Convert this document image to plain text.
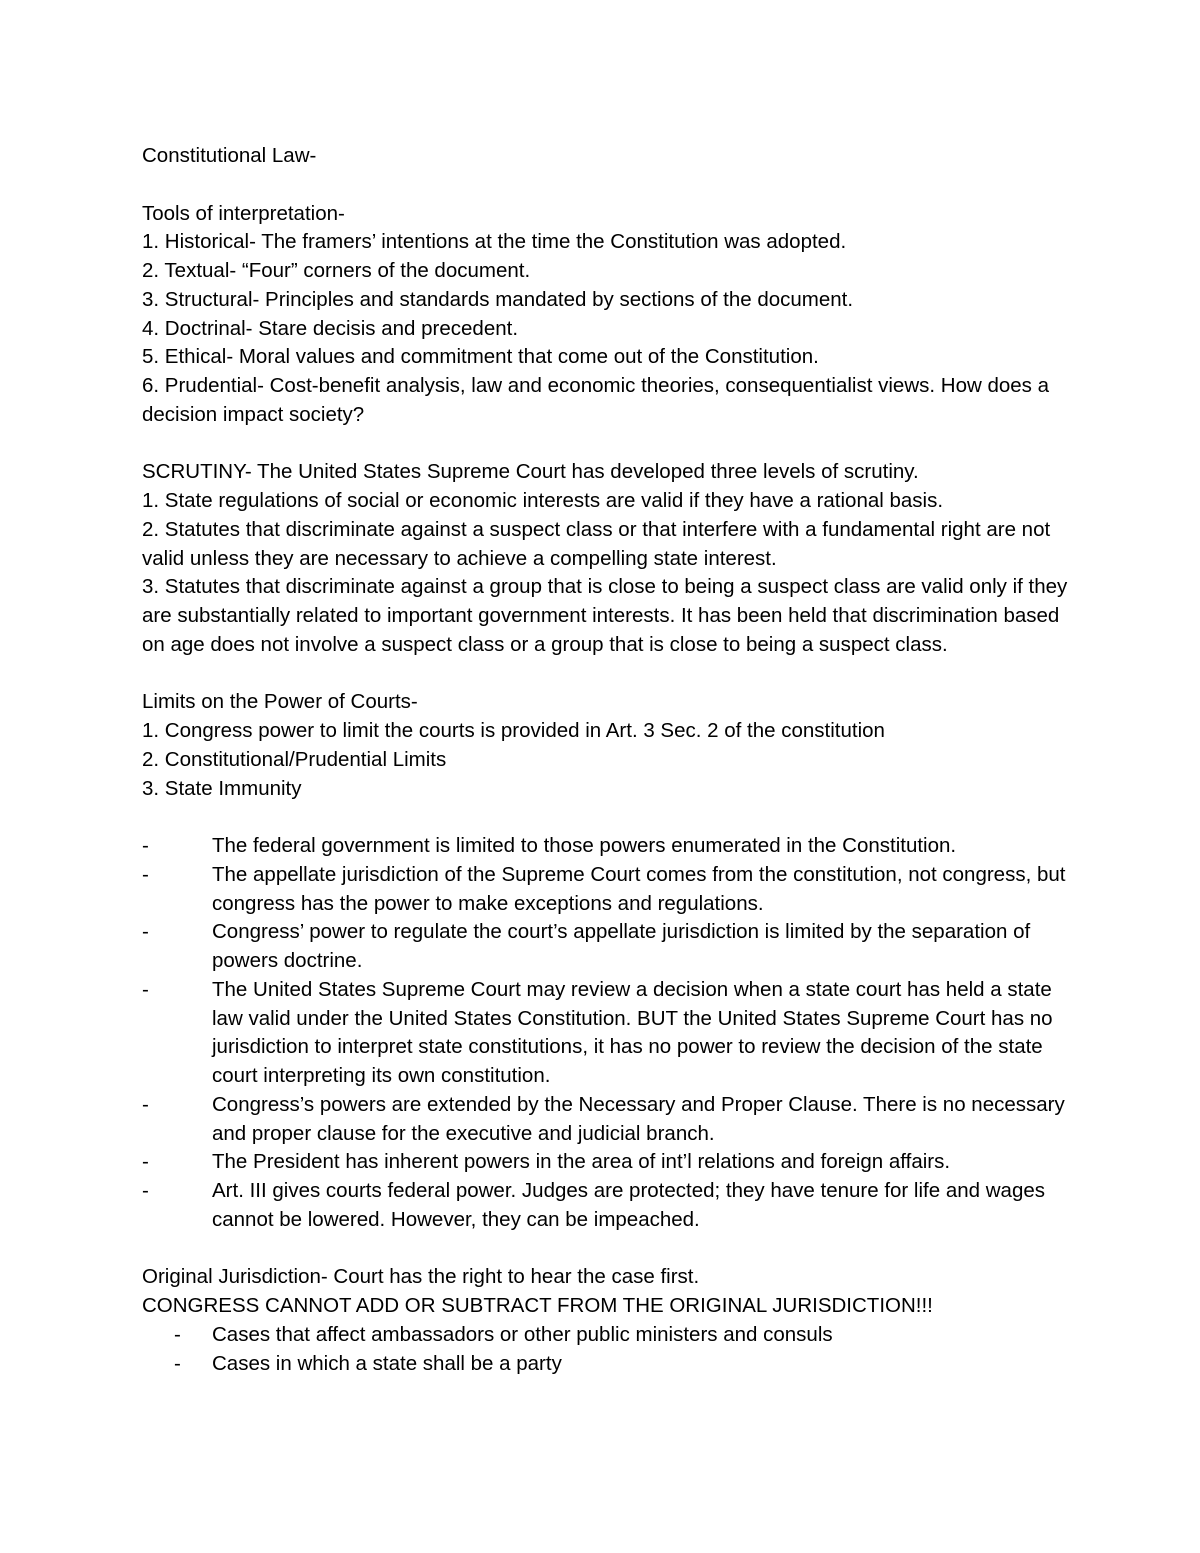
Constitutional Law-

Tools of interpretation-

1. Historical- The framers’ intentions at the time the Constitution was adopted.

2. Textual- “Four” corners of the document.

3. Structural- Principles and standards mandated by sections of the document.

4. Doctrinal- Stare decisis and precedent.

5. Ethical- Moral values and commitment that come out of the Constitution.

6. Prudential- Cost-benefit analysis, law and economic theories, consequentialist views. How does a decision impact society?

SCRUTINY- The United States Supreme Court has developed three levels of scrutiny.

1. State regulations of social or economic interests are valid if they have a rational basis.

2. Statutes that discriminate against a suspect class or that interfere with a fundamental right are not valid unless they are necessary to achieve a compelling state interest.

3. Statutes that discriminate against a group that is close to being a suspect class are valid only if they are substantially related to important government interests. It has been held that discrimination based on age does not involve a suspect class or a group that is close to being a suspect class.

Limits on the Power of Courts-

1. Congress power to limit the courts is provided in Art. 3 Sec. 2 of the constitution

2. Constitutional/Prudential Limits

3. State Immunity

-	The federal government is limited to those powers enumerated in the Constitution.
-	The appellate jurisdiction of the Supreme Court comes from the constitution, not congress, but congress has the power to make exceptions and regulations.
-	Congress’ power to regulate the court’s appellate jurisdiction is limited by the separation of powers doctrine.
-	The United States Supreme Court may review a decision when a state court has held a state law valid under the United States Constitution. BUT the United States Supreme Court has no jurisdiction to interpret state constitutions, it has no power to review the decision of the state court interpreting its own constitution.
-	Congress’s powers are extended by the Necessary and Proper Clause. There is no necessary and proper clause for the executive and judicial branch.
-	The President has inherent powers in the area of int’l relations and foreign affairs.
-	Art. III gives courts federal power. Judges are protected; they have tenure for life and wages cannot be lowered. However, they can be impeached.

Original Jurisdiction- Court has the right to hear the case first.

CONGRESS CANNOT ADD OR SUBTRACT FROM THE ORIGINAL JURISDICTION!!!

- Cases that affect ambassadors or other public ministers and consuls
- Cases in which a state shall be a party
